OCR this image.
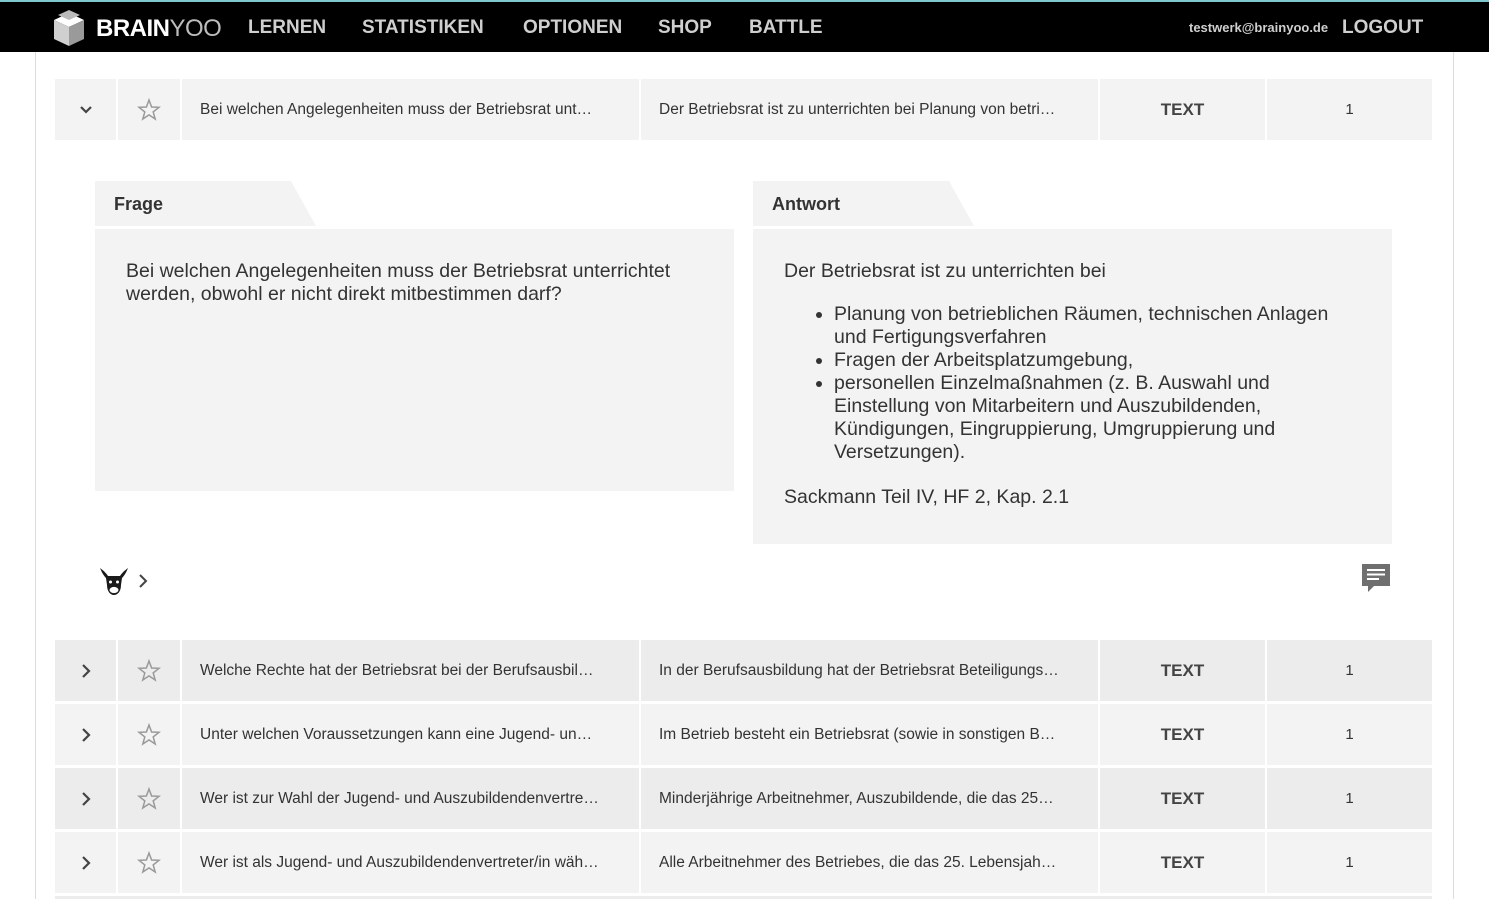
BRAINYOO LERNEN STATISTIKEN OPTIONEN SHOP BATTLE	testwerk@brainyoo.de LOGOUT
Bei welchen Angelegenheiten muss der Betriebsrat unt…	Der Betriebsrat ist zu unterrichten bei Planung von betri…	TEXT	1
Frage
Bei welchen Angelegenheiten muss der Betriebsrat unterrichtet werden, obwohl er nicht direkt mitbestimmen darf?
Antwort
Der Betriebsrat ist zu unterrichten bei
• Planung von betrieblichen Räumen, technischen Anlagen und Fertigungsverfahren
• Fragen der Arbeitsplatzumgebung,
• personellen Einzelmaßnahmen (z. B. Auswahl und Einstellung von Mitarbeitern und Auszubildenden, Kündigungen, Eingruppierung, Umgruppierung und Versetzungen).
Sackmann Teil IV, HF 2, Kap. 2.1
Welche Rechte hat der Betriebsrat bei der Berufsausbil…	In der Berufsausbildung hat der Betriebsrat Beteiligungs…	TEXT	1
Unter welchen Voraussetzungen kann eine Jugend- un…	Im Betrieb besteht ein Betriebsrat (sowie in sonstigen B…	TEXT	1
Wer ist zur Wahl der Jugend- und Auszubildendenvertre…	Minderjährige Arbeitnehmer, Auszubildende, die das 25…	TEXT	1
Wer ist als Jugend- und Auszubildendenvertreter/in wäh…	Alle Arbeitnehmer des Betriebes, die das 25. Lebensjah…	TEXT	1
